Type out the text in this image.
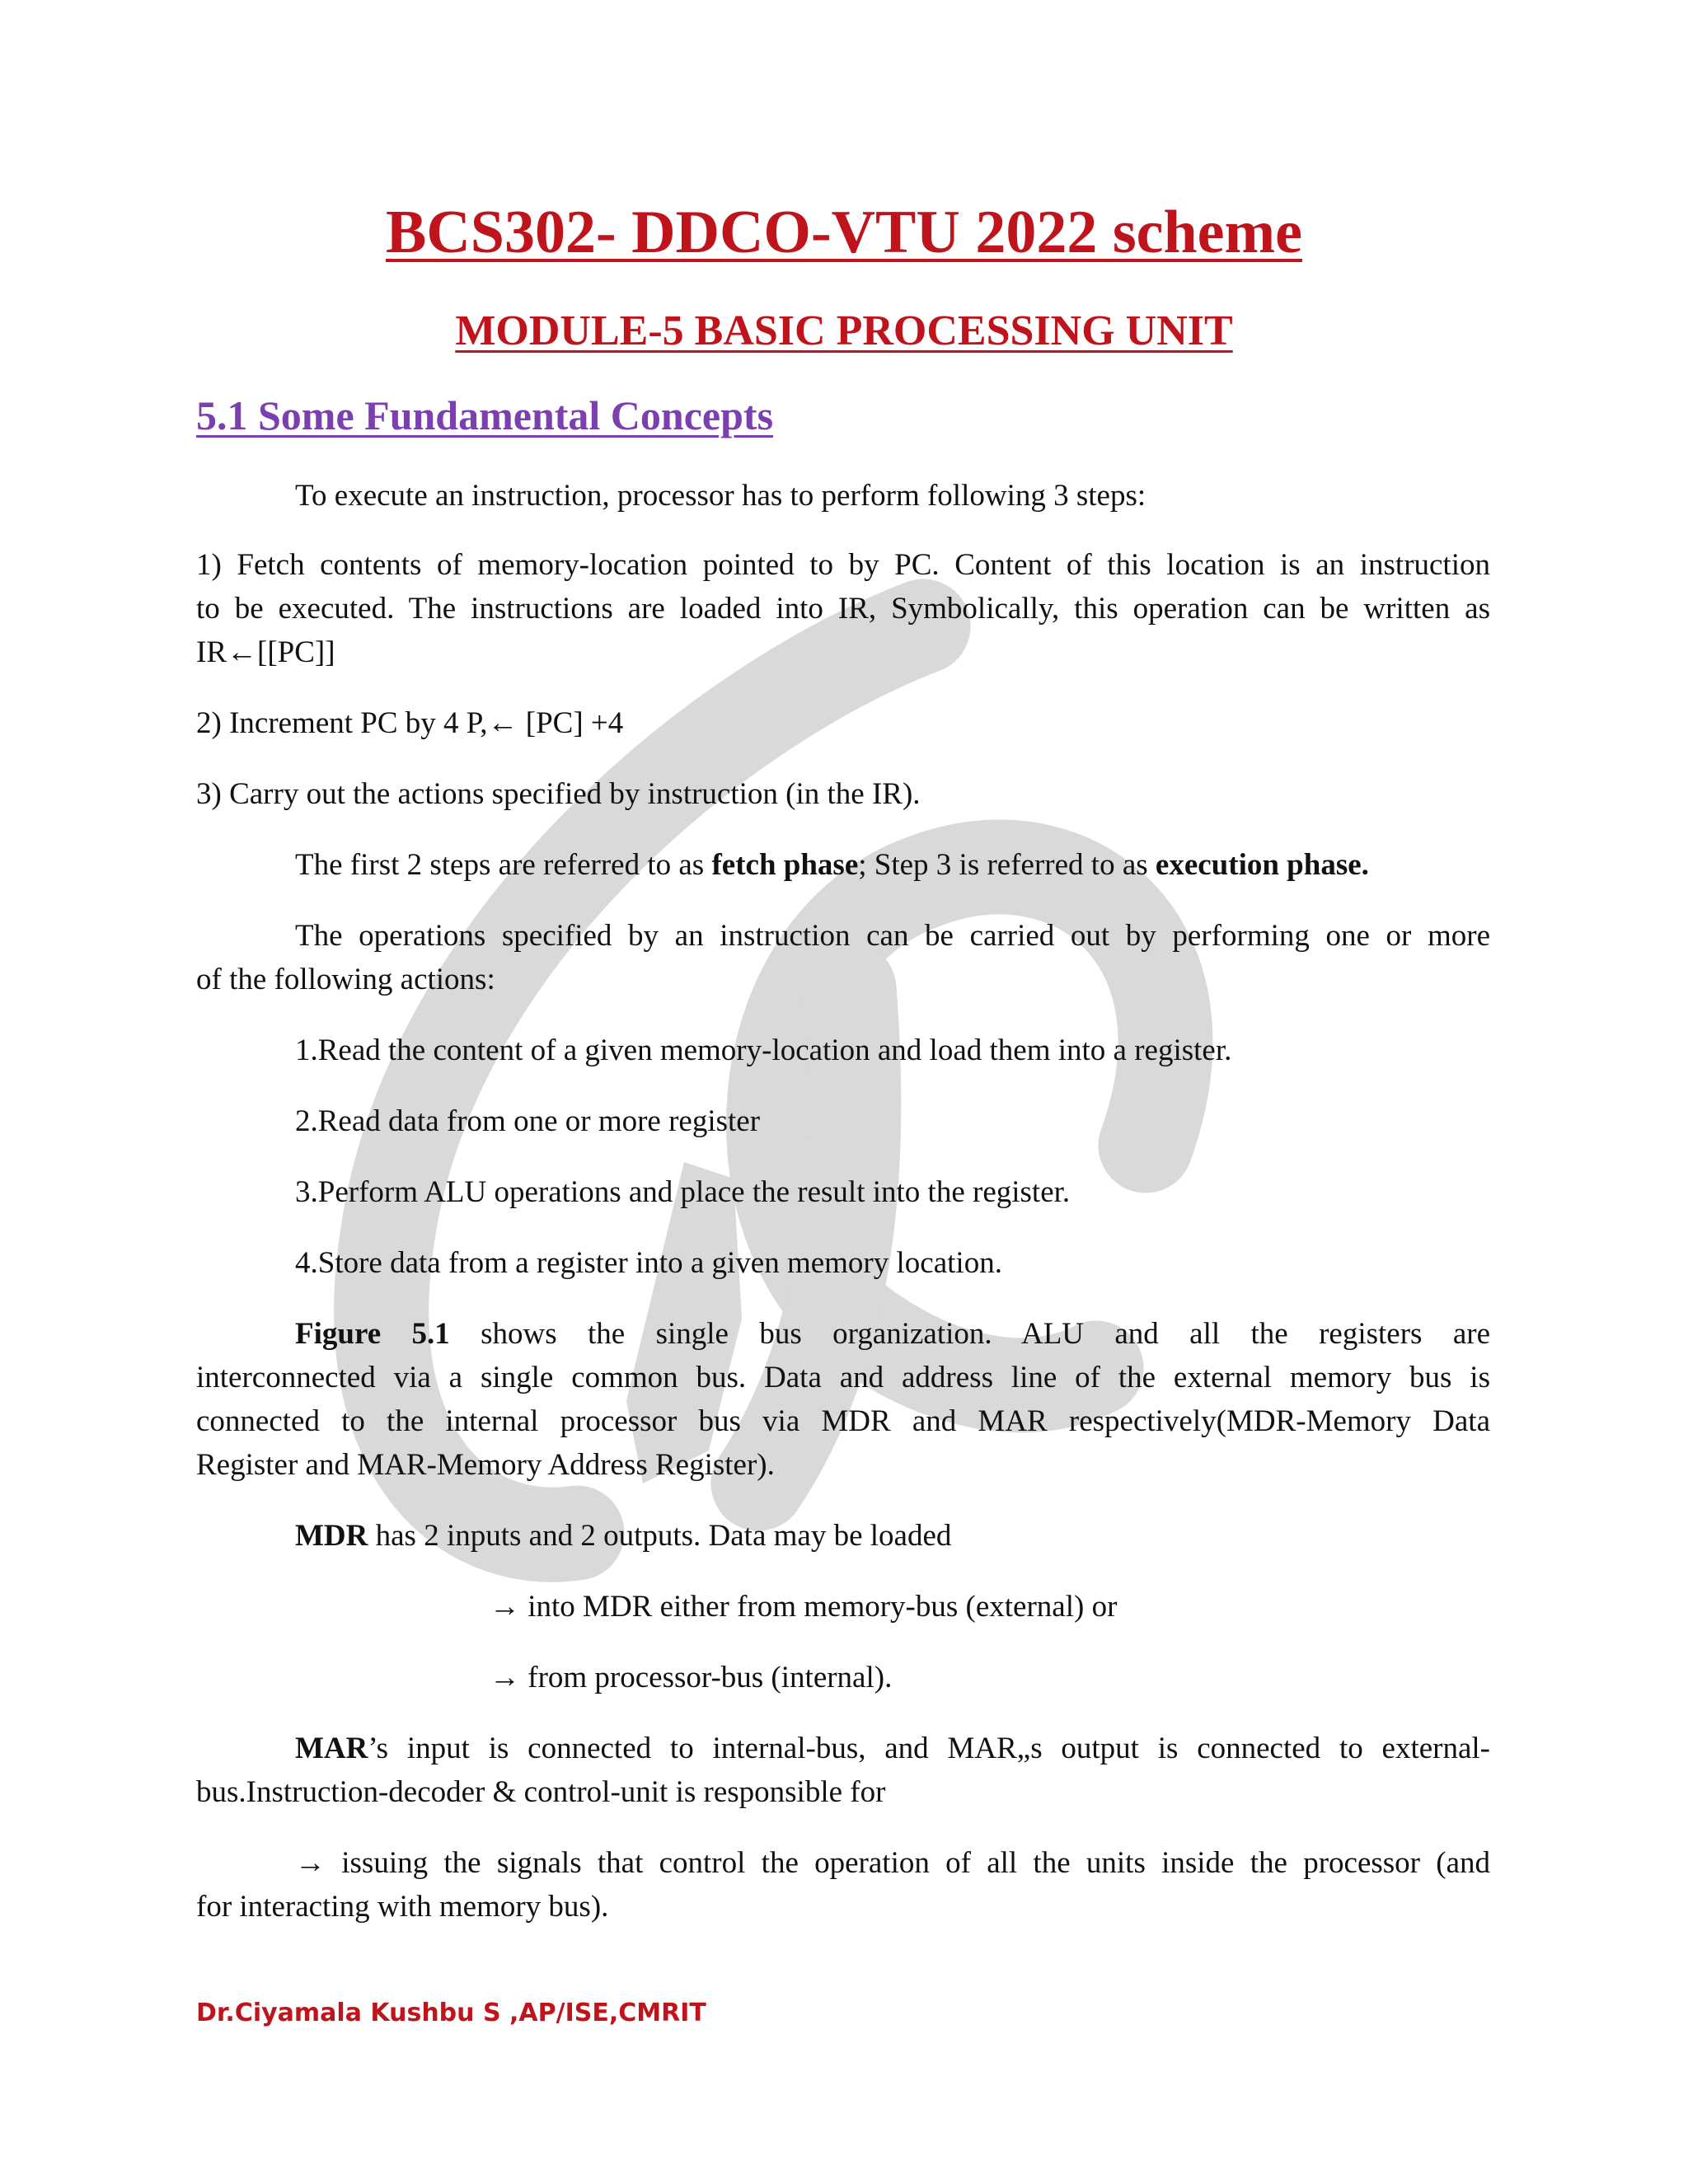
BCS302- DDCO-VTU 2022 scheme
MODULE-5 BASIC PROCESSING UNIT
5.1 Some Fundamental Concepts
To execute an instruction, processor has to perform following 3 steps:
1) Fetch contents of memory-location pointed to by PC. Content of this location is an instruction
to be executed. The instructions are loaded into IR, Symbolically, this operation can be written as
IR←[[PC]]
2) Increment PC by 4 P,← [PC] +4
3) Carry out the actions specified by instruction (in the IR).
The first 2 steps are referred to as fetch phase; Step 3 is referred to as execution phase.
The operations specified by an instruction can be carried out by performing one or more
of the following actions:
1.Read the content of a given memory-location and load them into a register.
2.Read data from one or more register
3.Perform ALU operations and place the result into the register.
4.Store data from a register into a given memory location.
Figure 5.1 shows the single bus organization. ALU and all the registers are
interconnected via a single common bus. Data and address line of the external memory bus is
connected to the internal processor bus via MDR and MAR respectively(MDR-Memory Data
Register and MAR-Memory Address Register).
MDR has 2 inputs and 2 outputs. Data may be loaded
→ into MDR either from memory-bus (external) or
→ from processor-bus (internal).
MAR’s input is connected to internal-bus, and MAR„s output is connected to external-
bus.Instruction-decoder & control-unit is responsible for
→ issuing the signals that control the operation of all the units inside the processor (and
for interacting with memory bus).
Dr.Ciyamala Kushbu S ,AP/ISE,CMRIT
